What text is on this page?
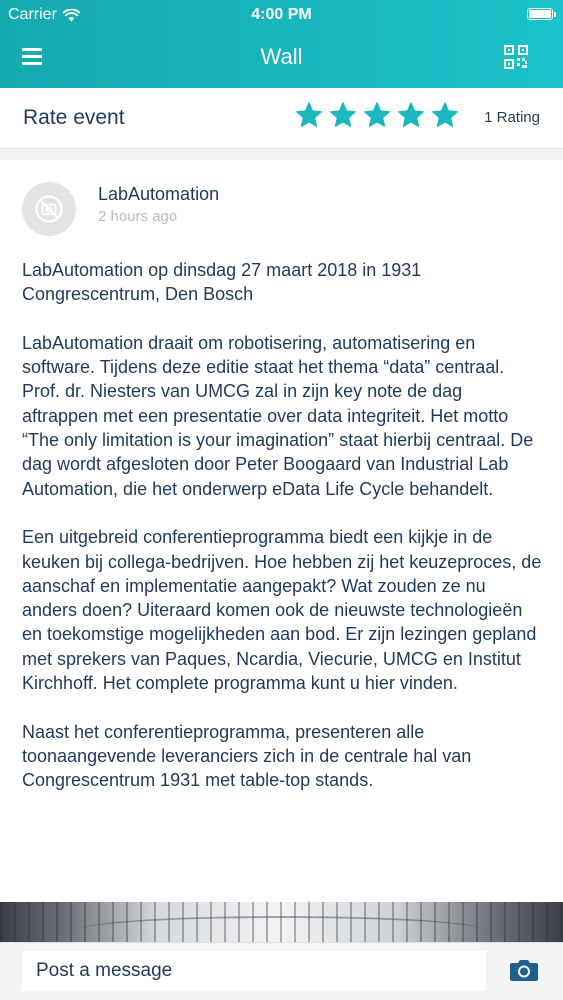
Carrier	4:00 PM
Wall
Rate event	1 Rating
LabAutomation
2 hours ago

LabAutomation op dinsdag 27 maart 2018 in 1931 Congrescentrum, Den Bosch

LabAutomation draait om robotisering, automatisering en software. Tijdens deze editie staat het thema “data” centraal. Prof. dr. Niesters van UMCG zal in zijn key note de dag aftrappen met een presentatie over data integriteit. Het motto “The only limitation is your imagination” staat hierbij centraal. De dag wordt afgesloten door Peter Boogaard van Industrial Lab Automation, die het onderwerp eData Life Cycle behandelt.

Een uitgebreid conferentieprogramma biedt een kijkje in de keuken bij collega-bedrijven. Hoe hebben zij het keuzeproces, de aanschaf en implementatie aangepakt? Wat zouden ze nu anders doen? Uiteraard komen ook de nieuwste technologieën en toekomstige mogelijkheden aan bod. Er zijn lezingen gepland met sprekers van Paques, Ncardia, Viecurie, UMCG en Institut Kirchhoff. Het complete programma kunt u hier vinden.

Naast het conferentieprogramma, presenteren alle toonaangevende leveranciers zich in de centrale hal van Congrescentrum 1931 met table-top stands.

Post a message
